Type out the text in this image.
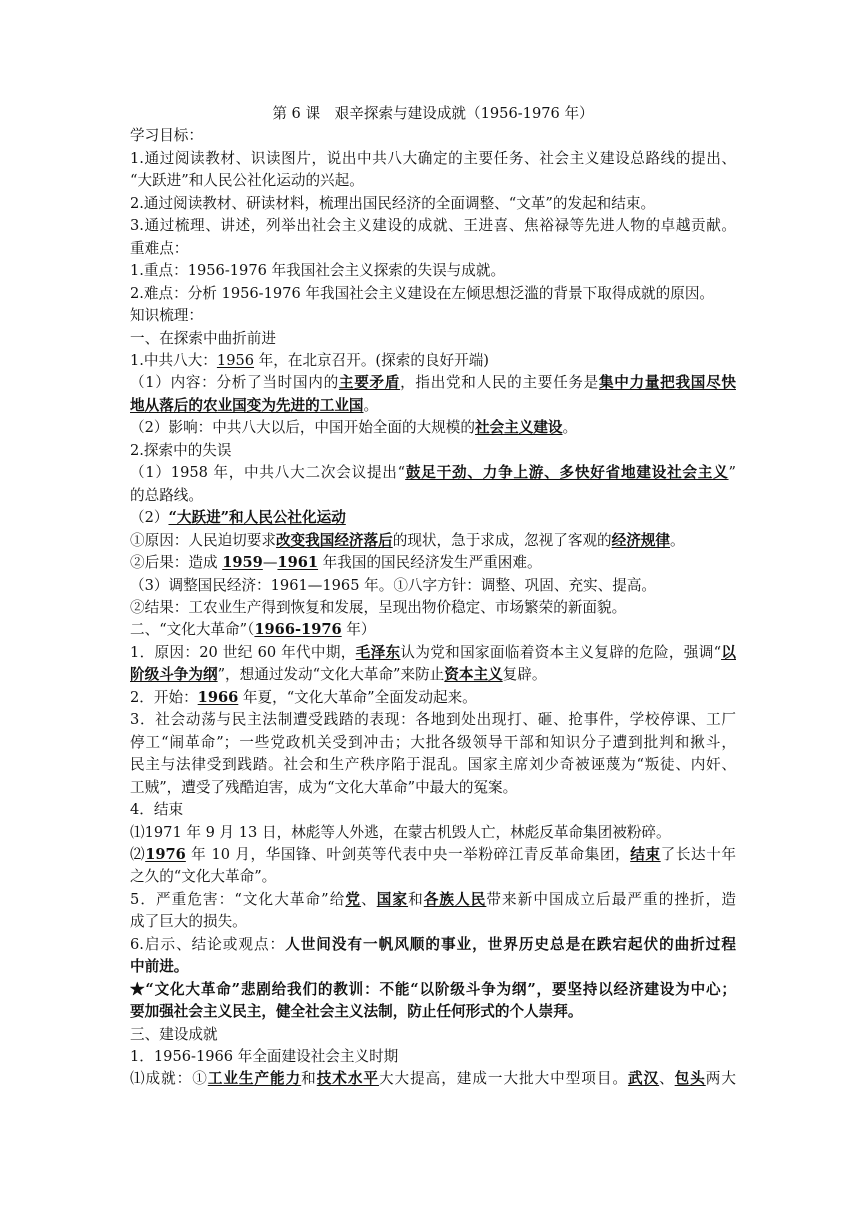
第 6 课　艰辛探索与建设成就（1956-1976 年）
学习目标：
1.通过阅读教材、识读图片，说出中共八大确定的主要任务、社会主义建设总路线的提出、
“大跃进”和人民公社化运动的兴起。
2.通过阅读教材、研读材料，梳理出国民经济的全面调整、“文革”的发起和结束。
3.通过梳理、讲述，列举出社会主义建设的成就、王进喜、焦裕禄等先进人物的卓越贡献。
重难点：
1.重点：1956-1976 年我国社会主义探索的失误与成就。
2.难点：分析 1956-1976 年我国社会主义建设在左倾思想泛滥的背景下取得成就的原因。
知识梳理：
一、在探索中曲折前进
1.中共八大：1956 年，在北京召开。(探索的良好开端)
（1）内容：分析了当时国内的主要矛盾，指出党和人民的主要任务是集中力量把我国尽快
地从落后的农业国变为先进的工业国。
（2）影响：中共八大以后，中国开始全面的大规模的社会主义建设。
2.探索中的失误
（1）1958 年，中共八大二次会议提出“鼓足干劲、力争上游、多快好省地建设社会主义”
的总路线。
（2）“大跃进”和人民公社化运动
①原因：人民迫切要求改变我国经济落后的现状，急于求成，忽视了客观的经济规律。
②后果：造成 1959—1961 年我国的国民经济发生严重困难。
（3）调整国民经济：1961—1965 年。①八字方针：调整、巩固、充实、提高。
②结果：工农业生产得到恢复和发展，呈现出物价稳定、市场繁荣的新面貌。
二、“文化大革命”（1966-1976 年）
1．原因：20 世纪 60 年代中期，毛泽东认为党和国家面临着资本主义复辟的危险，强调“以
阶级斗争为纲”，想通过发动“文化大革命”来防止资本主义复辟。
2．开始：1966 年夏，“文化大革命”全面发动起来。
3．社会动荡与民主法制遭受践踏的表现：各地到处出现打、砸、抢事件，学校停课、工厂
停工“闹革命”；一些党政机关受到冲击；大批各级领导干部和知识分子遭到批判和揪斗，
民主与法律受到践踏。社会和生产秩序陷于混乱。国家主席刘少奇被诬蔑为“叛徒、内奸、
工贼”，遭受了残酷迫害，成为“文化大革命”中最大的冤案。
4．结束
⑴1971 年 9 月 13 日，林彪等人外逃，在蒙古机毁人亡，林彪反革命集团被粉碎。
⑵1976 年 10 月，华国锋、叶剑英等代表中央一举粉碎江青反革命集团，结束了长达十年
之久的“文化大革命”。
5．严重危害：“文化大革命”给党、国家和各族人民带来新中国成立后最严重的挫折，造
成了巨大的损失。
6.启示、结论或观点：人世间没有一帆风顺的事业，世界历史总是在跌宕起伏的曲折过程
中前进。
★“文化大革命”悲剧给我们的教训：不能“以阶级斗争为纲”，要坚持以经济建设为中心；
要加强社会主义民主，健全社会主义法制，防止任何形式的个人崇拜。
三、建设成就
1．1956-1966 年全面建设社会主义时期
⑴成就：①工业生产能力和技术水平大大提高，建成一大批大中型项目。武汉、包头两大
